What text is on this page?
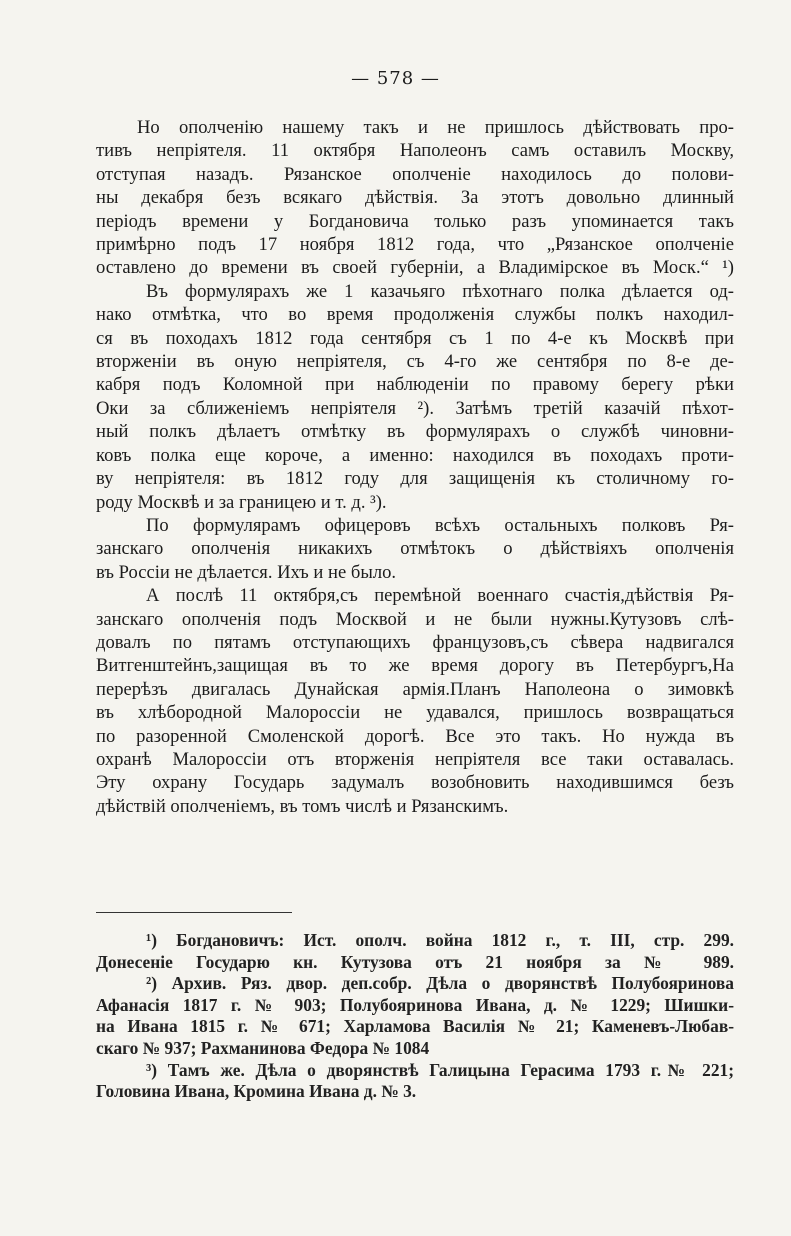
— 578 —

Но ополченію нашему такъ и не пришлось дѣйствовать про-

тивъ непріятеля. 11 октября Наполеонъ самъ оставилъ Москву,

отступая назадъ. Рязанское ополченіе находилось до полови-

ны декабря безъ всякаго дѣйствія. За этотъ довольно длинный

періодъ времени у Богдановича только разъ упоминается такъ

примѣрно подъ 17 ноября 1812 года, что „Рязанское ополченіе

оставлено до времени въ своей губерніи, а Владимірское въ Моск.“ ¹)

Въ формулярахъ же 1 казачьяго пѣхотнаго полка дѣлается од-

нако отмѣтка, что во время продолженія службы полкъ находил-

ся въ походахъ 1812 года сентября съ 1 по 4-е къ Москвѣ при

вторженіи въ оную непріятеля, съ 4-го же сентября по 8-е де-

кабря подъ Коломной при наблюденіи по правому берегу рѣки

Оки за сближеніемъ непріятеля ²). Затѣмъ третій казачій пѣхот-

ный полкъ дѣлаетъ отмѣтку въ формулярахъ о службѣ чиновни-

ковъ полка еще короче, а именно: находился въ походахъ проти-

ву непріятеля: въ 1812 году для защищенія къ столичному го-

роду Москвѣ и за границею и т. д. ³).

По формулярамъ офицеровъ всѣхъ остальныхъ полковъ Ря-

занскаго ополченія никакихъ отмѣтокъ о дѣйствіяхъ ополченія

въ Россіи не дѣлается. Ихъ и не было.

А послѣ 11 октября,съ перемѣной военнаго счастія,дѣйствія Ря-

занскаго ополченія подъ Москвой и не были нужны.Кутузовъ слѣ-

довалъ по пятамъ отступающихъ французовъ,съ сѣвера надвигался

Витгенштейнъ,защищая въ то же время дорогу въ Петербургъ,На

перерѣзъ двигалась Дунайская армія.Планъ Наполеона о зимовкѣ

въ хлѣбородной Малороссіи не удавался, пришлось возвращаться

по разоренной Смоленской дорогѣ. Все это такъ. Но нужда въ

охранѣ Малороссіи отъ вторженія непріятеля все таки оставалась.

Эту охрану Государь задумалъ возобновить находившимся безъ

дѣйствій ополченіемъ, въ томъ числѣ и Рязанскимъ.

¹) Богдановичъ: Ист. ополч. война 1812 г., т. III, стр. 299.

Донесеніе Государю кн. Кутузова отъ 21 ноября за № 989.

²) Архив. Ряз. двор. деп.собр. Дѣла о дворянствѣ Полубояринова

Афанасія 1817 г. № 903; Полубояринова Ивана, д. № 1229; Шишки-

на Ивана 1815 г. № 671; Харламова Василія № 21; Каменевъ-Любав-

скаго № 937; Рахманинова Федора № 1084

³) Тамъ же. Дѣла о дворянствѣ Галицына Герасима 1793 г.№ 221;

Головина Ивана, Кромина Ивана д. № 3.
